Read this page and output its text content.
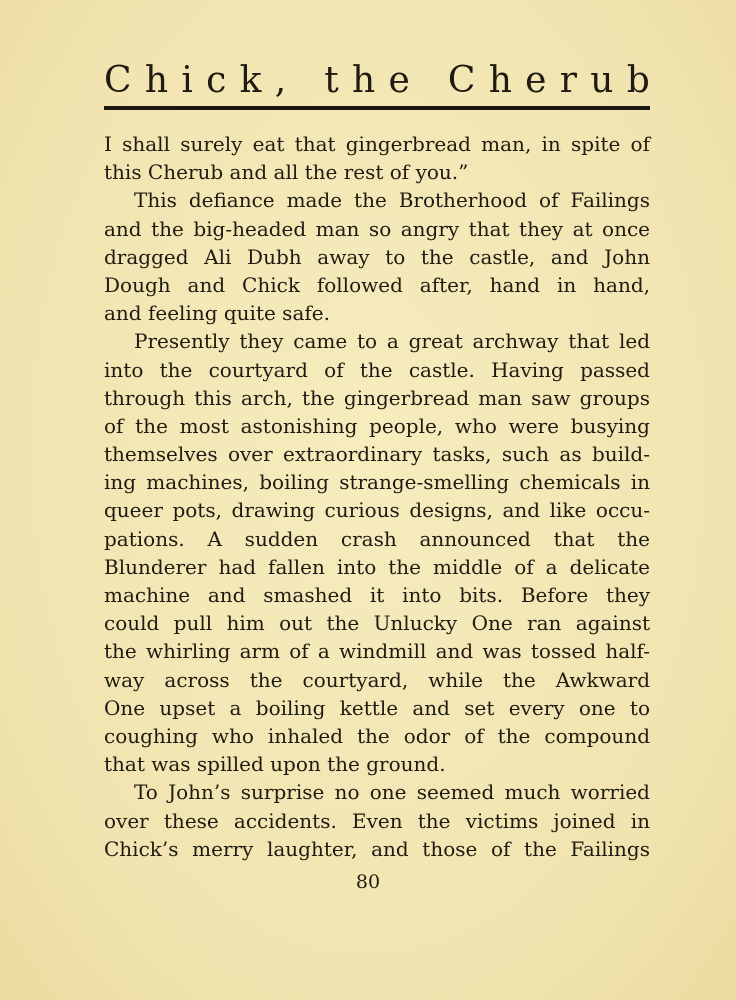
C h i c k ,
t h e
C h e r u b
I shall surely eat that gingerbread man, in spite of
this Cherub and all the rest of you.”
This defiance made the Brotherhood of Failings
and the big-headed man so angry that they at once
dragged Ali Dubh away to the castle, and John
Dough and Chick followed after, hand in hand,
and feeling quite safe.
Presently they came to a great archway that led
into the courtyard of the castle. Having passed
through this arch, the gingerbread man saw groups
of the most astonishing people, who were busying
themselves over extraordinary tasks, such as build-
ing machines, boiling strange-smelling chemicals in
queer pots, drawing curious designs, and like occu-
pations. A sudden crash announced that the
Blunderer had fallen into the middle of a delicate
machine and smashed it into bits. Before they
could pull him out the Unlucky One ran against
the whirling arm of a windmill and was tossed half-
way across the courtyard, while the Awkward
One upset a boiling kettle and set every one to
coughing who inhaled the odor of the compound
that was spilled upon the ground.
To John’s surprise no one seemed much worried
over these accidents. Even the victims joined in
Chick’s merry laughter, and those of the Failings
80
